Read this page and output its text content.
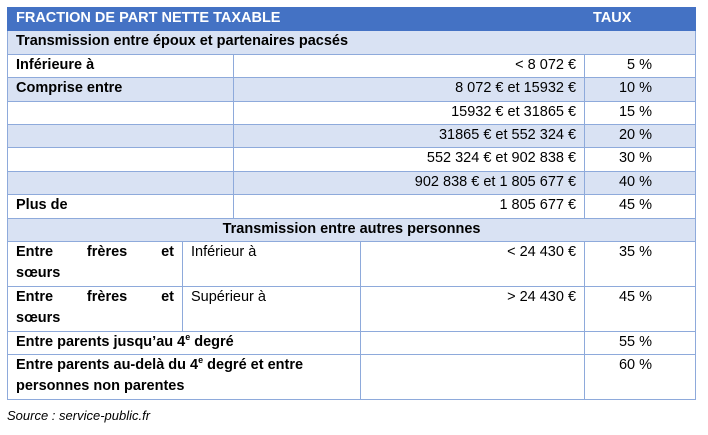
FRACTION DE PART NETTE TAXABLE				TAUX
Transmission entre époux et partenaires pacsés				
Inférieure à		< 8 072 €		5 %
Comprise entre		8 072 € et 15932 €		10 %
		15932 € et 31865 €		15 %
		31865 € et 552 324 €		20 %
		552 324 € et 902 838 €		30 %
		902 838 € et 1 805 677 €		40 %
Plus de		1 805 677 €		45 %
Transmission entre autres personnes				

Entre frères et
sœurs	Inférieur à		< 24 430 €	35 %

Entre frères et
sœurs	Supérieur à		> 24 430 €	45 %
Entre parents jusqu’au 4e degré				55 %

Entre parents au-delà du 4e degré et entre
personnes non parentes				60 %
Source : service-public.fr
